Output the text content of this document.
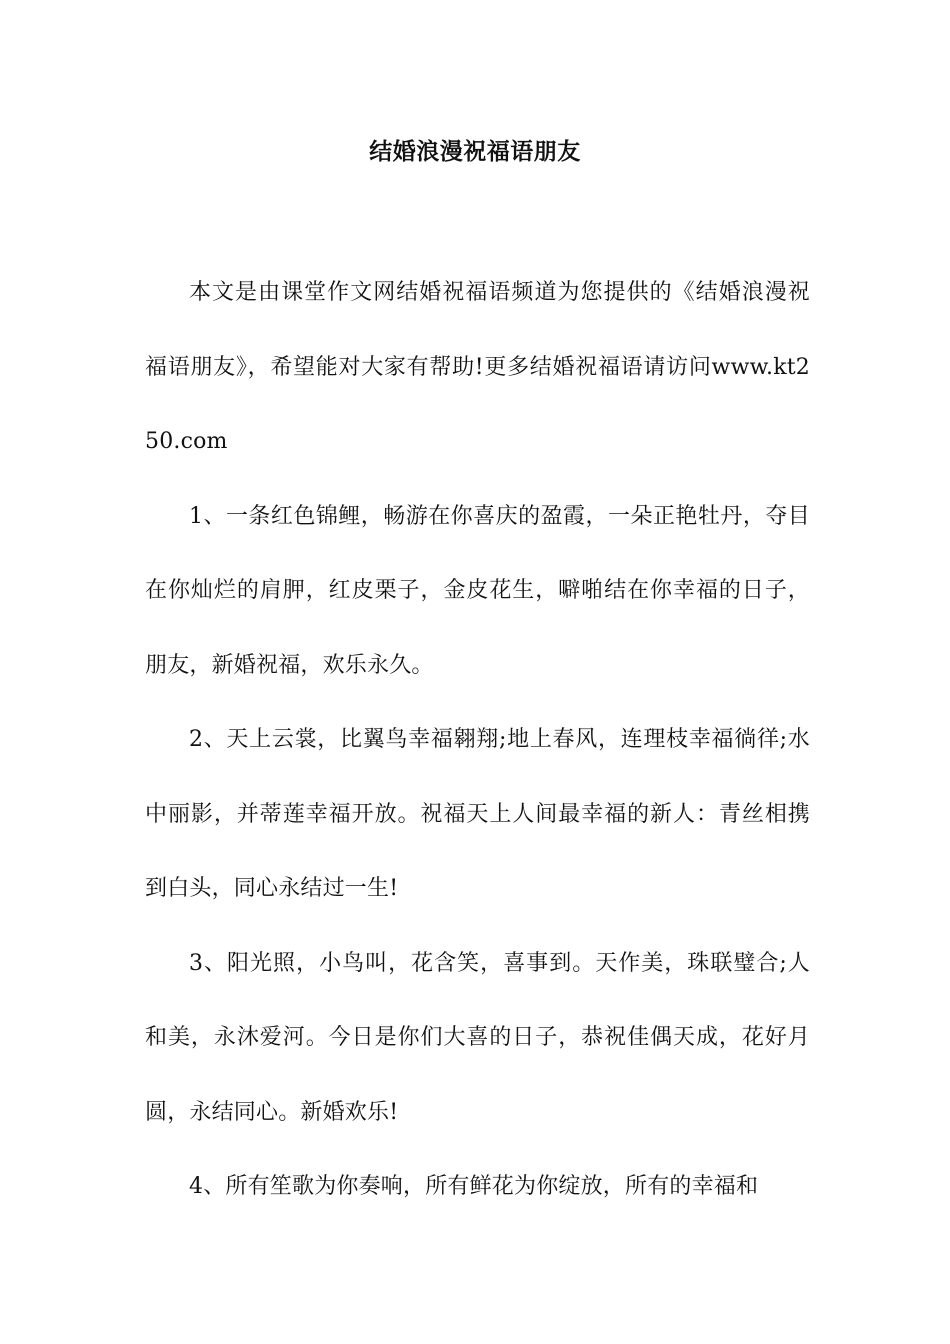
结婚浪漫祝福语朋友

本文是由课堂作文网结婚祝福语频道为您提供的《结婚浪漫祝福语朋友》，希望能对大家有帮助!更多结婚祝福语请访问www.kt250.com

1、一条红色锦鲤，畅游在你喜庆的盈霞，一朵正艳牡丹，夺目在你灿烂的肩胛，红皮栗子，金皮花生，噼啪结在你幸福的日子，朋友，新婚祝福，欢乐永久。

2、天上云裳，比翼鸟幸福翱翔;地上春风，连理枝幸福徜徉;水中丽影，并蒂莲幸福开放。祝福天上人间最幸福的新人：青丝相携到白头，同心永结过一生!

3、阳光照，小鸟叫，花含笑，喜事到。天作美，珠联璧合;人和美，永沐爱河。今日是你们大喜的日子，恭祝佳偶天成，花好月圆，永结同心。新婚欢乐!

4、所有笙歌为你奏响，所有鲜花为你绽放，所有的幸福和
